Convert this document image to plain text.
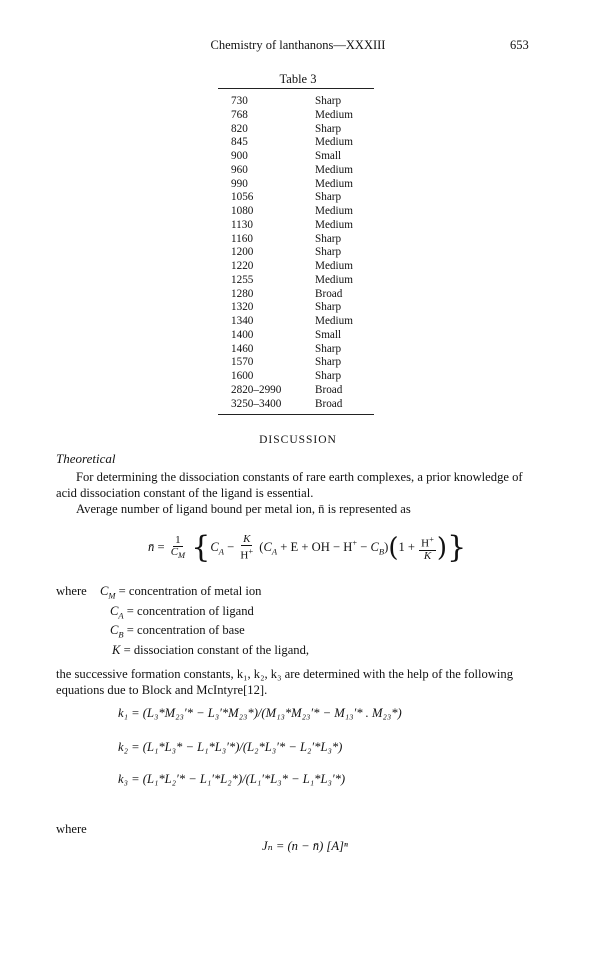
Chemistry of lanthanons—XXXIII	653
Table 3
730	Sharp
768	Medium
820	Sharp
845	Medium
900	Small
960	Medium
990	Medium
1056	Sharp
1080	Medium
1130	Medium
1160	Sharp
1200	Sharp
1220	Medium
1255	Medium
1280	Broad
1320	Sharp
1340	Medium
1400	Small
1460	Sharp
1570	Sharp
1600	Sharp
2820–2990	Broad
3250–3400	Broad
DISCUSSION
Theoretical

For determining the dissociation constants of rare earth complexes, a prior knowledge of acid dissociation constant of the ligand is essential.

Average number of ligand bound per metal ion, n̄ is represented as

n̄ = $\frac{1}{C_M} \{C_A - \frac{K}{H^+} (C_A + E$ + OH − $H^+ - C_B)(1 + \frac{H^+}{K}$ )}
where $C_M$ = concentration of metal ion
$C_A$ = concentration of ligand
$C_B$ = concentration of base
K = dissociation constant of the ligand,

the successive formation constants, k₁, k₂, k₃ are determined with the help of the following equations due to Block and McIntyre[12].

k₁ = (L₃*M₂₃′* − L₃′*M₂₃*)/(M₁₃*M₂₃′* − M₁₃′* . M₂₃*)
k₂ = (L₁*L₃* − L₁*L₃′*)/(L₂*L₃′* − L₂′*L₃*)
k₃ = (L₁*L₂′* − L₁′*L₂*)/(L₁′*L₃* − L₁*L₃′*)
where
Jₙ = (n − n̄) [A]ⁿ
